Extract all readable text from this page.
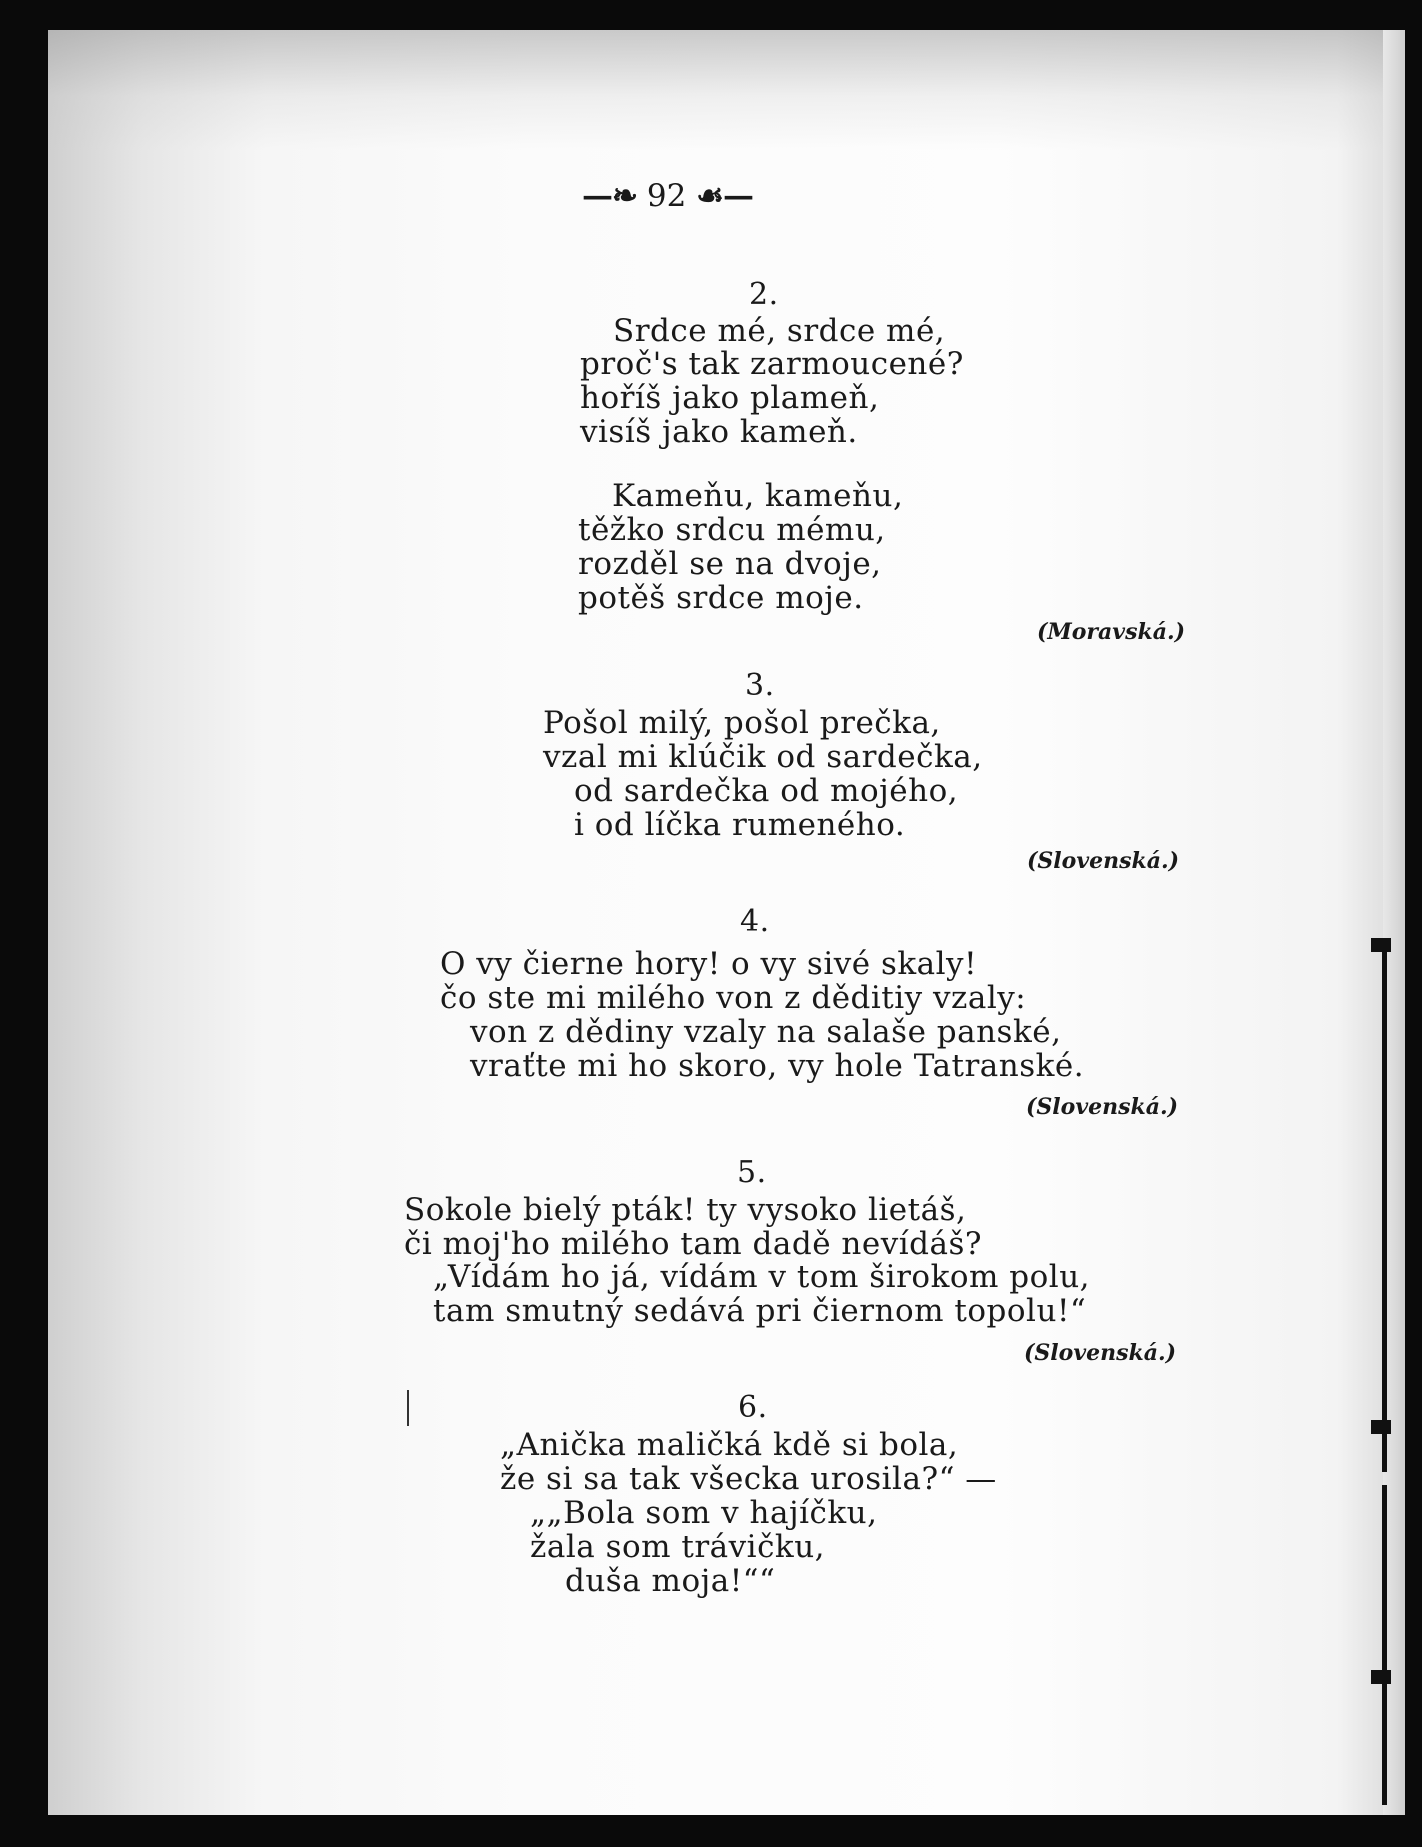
—❧ 92 ☙—
2.
Srdce mé, srdce mé,
proč's tak zarmoucené?
hoříš jako plameň,
visíš jako kameň.
Kameňu, kameňu,
těžko srdcu mému,
rozděl se na dvoje,
potěš srdce moje.
(Moravská.)
3.
Pošol milý, pošol prečka,
vzal mi klúčik od sardečka,
od sardečka od mojého,
i od líčka rumeného.
(Slovenská.)
4.
O vy čierne hory! o vy sivé skaly!
čo ste mi milého von z děditiy vzaly:
von z dědiny vzaly na salaše panské,
vraťte mi ho skoro, vy hole Tatranské.
(Slovenská.)
5.
Sokole bielý pták! ty vysoko lietáš,
či moj'ho milého tam dadě nevídáš?
„Vídám ho já, vídám v tom širokom polu,
tam smutný sedává pri čiernom topolu!“
(Slovenská.)
6.
„Anička maličká kdě si bola,
že si sa tak všecka urosila?“ —
„„Bola som v hajíčku,
žala som trávičku,
duša moja!““
